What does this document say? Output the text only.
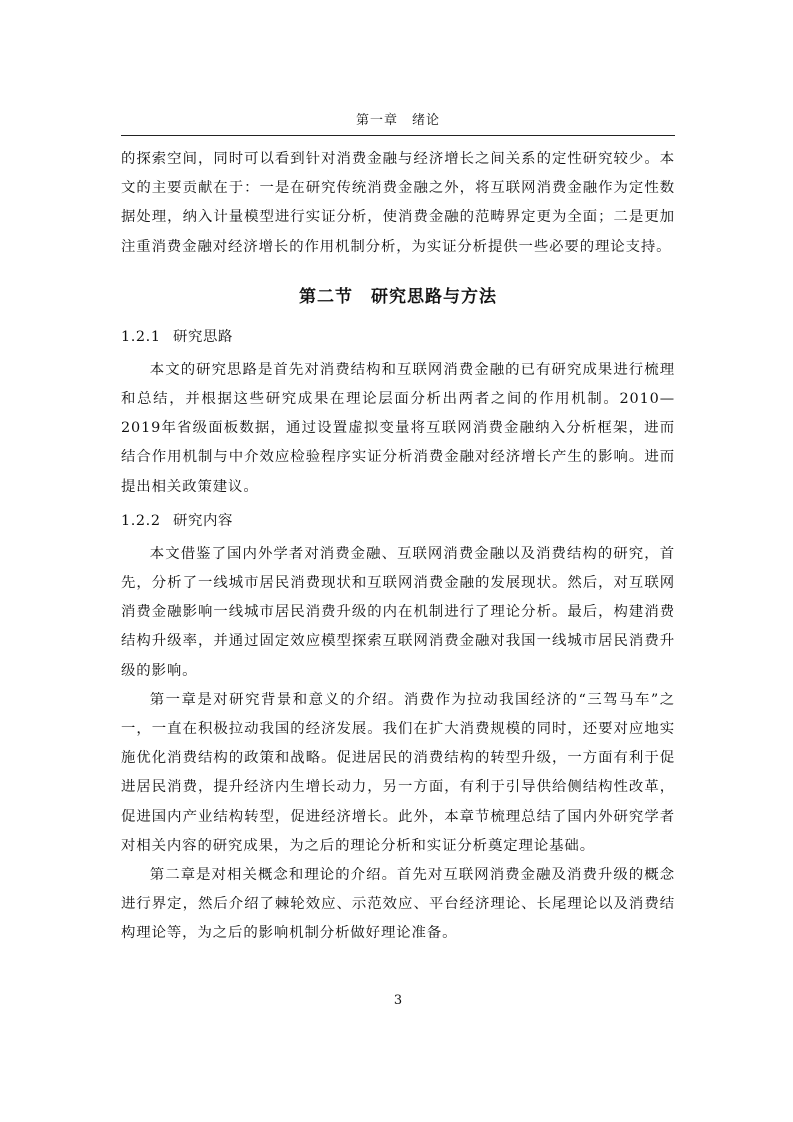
第一章　绪论

的探索空间，同时可以看到针对消费金融与经济增长之间关系的定性研究较少。本文的主要贡献在于：一是在研究传统消费金融之外，将互联网消费金融作为定性数据处理，纳入计量模型进行实证分析，使消费金融的范畴界定更为全面；二是更加注重消费金融对经济增长的作用机制分析，为实证分析提供一些必要的理论支持。

第二节　研究思路与方法
1.2.1 研究思路

本文的研究思路是首先对消费结构和互联网消费金融的已有研究成果进行梳理和总结，并根据这些研究成果在理论层面分析出两者之间的作用机制。2010—2019年省级面板数据，通过设置虚拟变量将互联网消费金融纳入分析框架，进而结合作用机制与中介效应检验程序实证分析消费金融对经济增长产生的影响。进而提出相关政策建议。

1.2.2 研究内容

本文借鉴了国内外学者对消费金融、互联网消费金融以及消费结构的研究，首先，分析了一线城市居民消费现状和互联网消费金融的发展现状。然后，对互联网消费金融影响一线城市居民消费升级的内在机制进行了理论分析。最后，构建消费结构升级率，并通过固定效应模型探索互联网消费金融对我国一线城市居民消费升级的影响。

第一章是对研究背景和意义的介绍。消费作为拉动我国经济的“三驾马车”之一，一直在积极拉动我国的经济发展。我们在扩大消费规模的同时，还要对应地实施优化消费结构的政策和战略。促进居民的消费结构的转型升级，一方面有利于促进居民消费，提升经济内生增长动力，另一方面，有利于引导供给侧结构性改革，促进国内产业结构转型，促进经济增长。此外，本章节梳理总结了国内外研究学者对相关内容的研究成果，为之后的理论分析和实证分析奠定理论基础。

第二章是对相关概念和理论的介绍。首先对互联网消费金融及消费升级的概念进行界定，然后介绍了棘轮效应、示范效应、平台经济理论、长尾理论以及消费结构理论等，为之后的影响机制分析做好理论准备。

3
